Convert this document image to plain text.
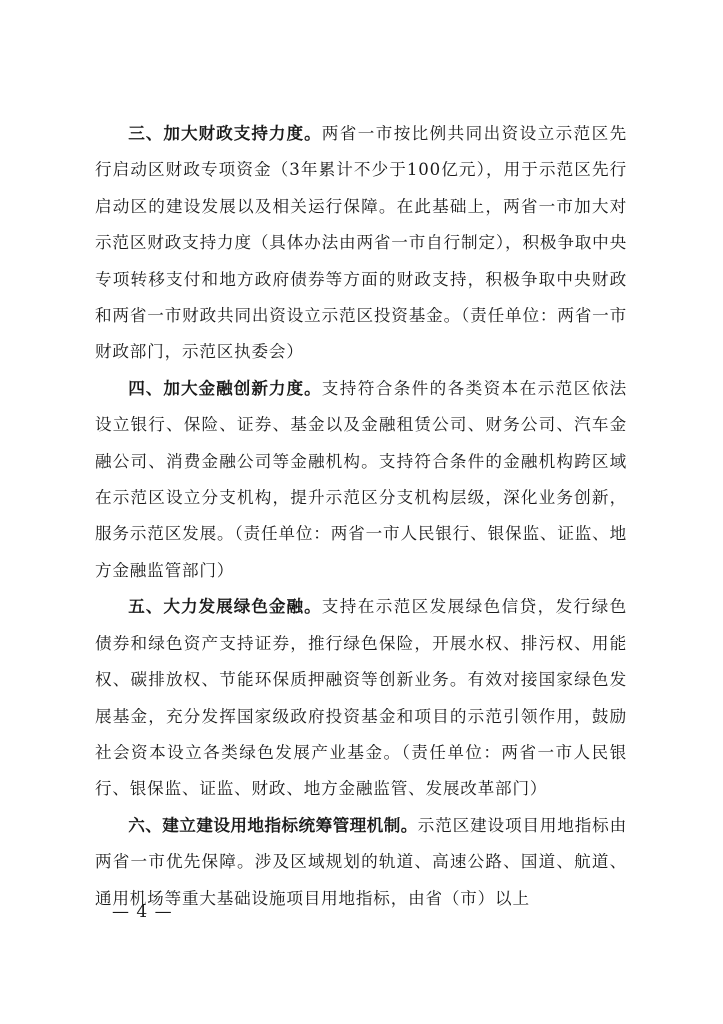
三、加大财政支持力度。两省一市按比例共同出资设立示范区先行启动区财政专项资金（3年累计不少于100亿元），用于示范区先行启动区的建设发展以及相关运行保障。在此基础上，两省一市加大对示范区财政支持力度（具体办法由两省一市自行制定），积极争取中央专项转移支付和地方政府债券等方面的财政支持，积极争取中央财政和两省一市财政共同出资设立示范区投资基金。（责任单位：两省一市财政部门，示范区执委会）

四、加大金融创新力度。支持符合条件的各类资本在示范区依法设立银行、保险、证券、基金以及金融租赁公司、财务公司、汽车金融公司、消费金融公司等金融机构。支持符合条件的金融机构跨区域在示范区设立分支机构，提升示范区分支机构层级，深化业务创新，服务示范区发展。（责任单位：两省一市人民银行、银保监、证监、地方金融监管部门）

五、大力发展绿色金融。支持在示范区发展绿色信贷，发行绿色债券和绿色资产支持证券，推行绿色保险，开展水权、排污权、用能权、碳排放权、节能环保质押融资等创新业务。有效对接国家绿色发展基金，充分发挥国家级政府投资基金和项目的示范引领作用，鼓励社会资本设立各类绿色发展产业基金。（责任单位：两省一市人民银行、银保监、证监、财政、地方金融监管、发展改革部门）

六、建立建设用地指标统筹管理机制。示范区建设项目用地指标由两省一市优先保障。涉及区域规划的轨道、高速公路、国道、航道、通用机场等重大基础设施项目用地指标，由省（市）以上

— 4 —
